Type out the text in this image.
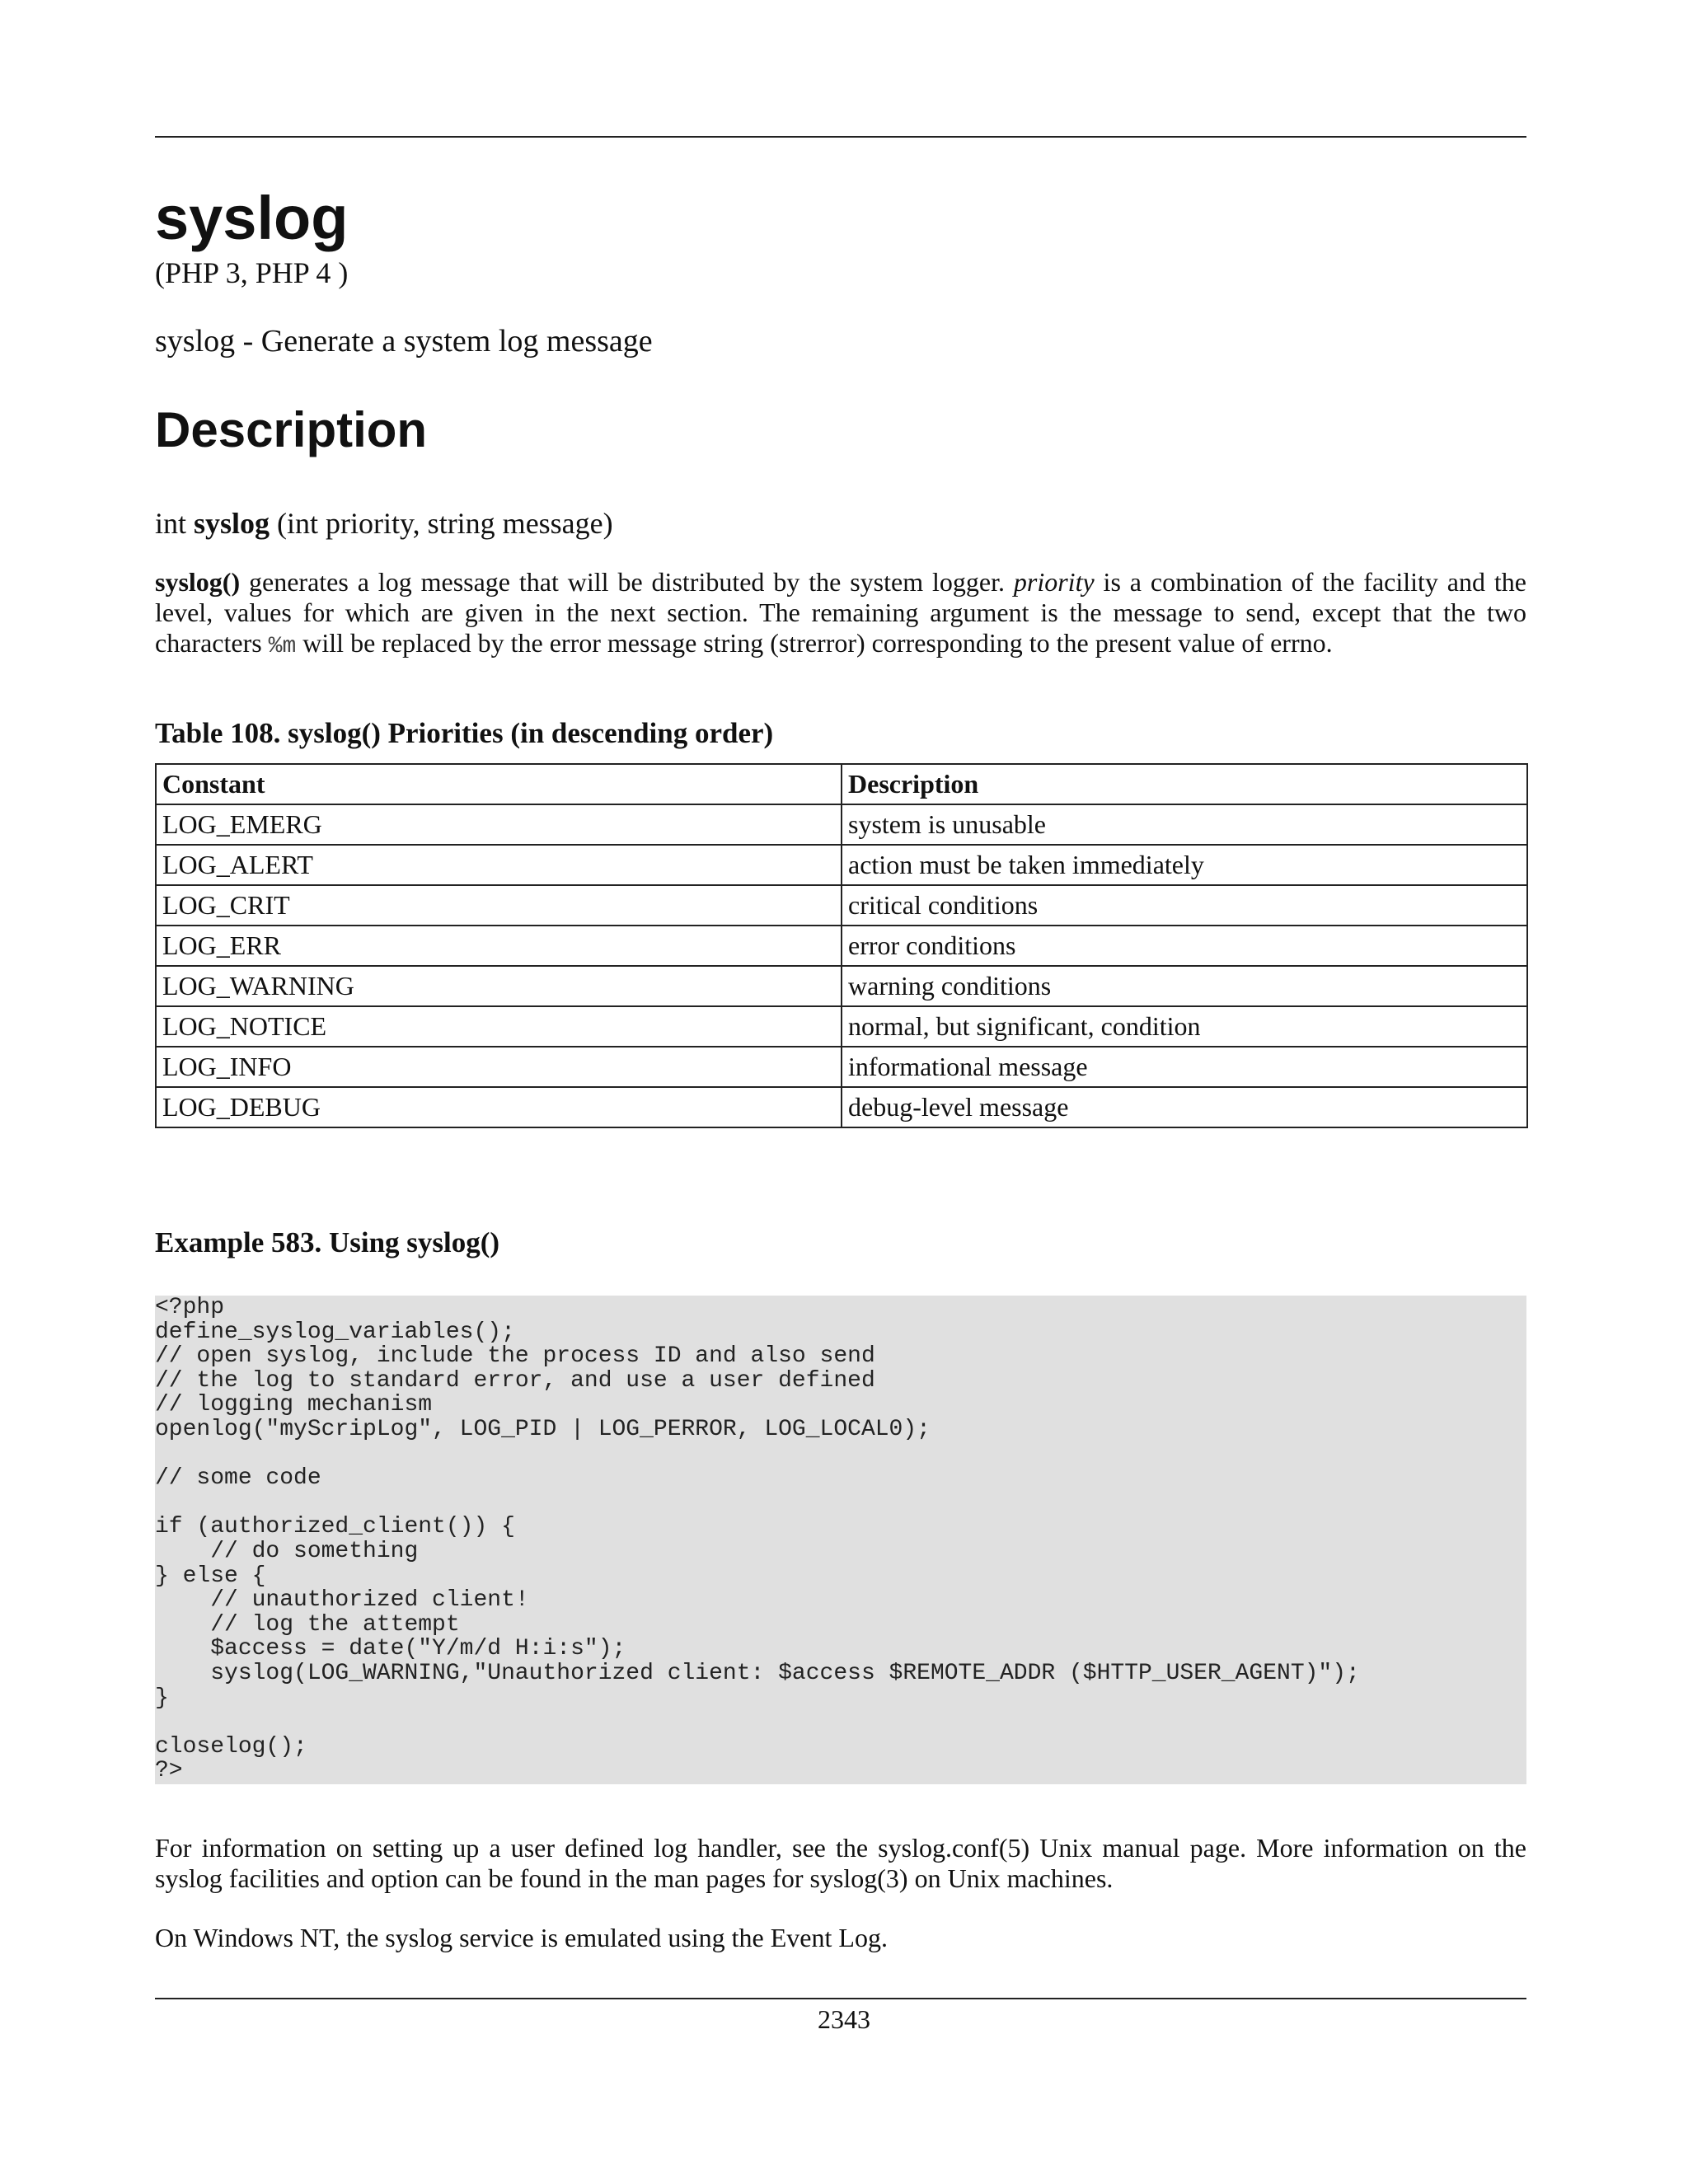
syslog
(PHP 3, PHP 4 )
syslog - Generate a system log message
Description
int syslog (int priority, string message)
syslog() generates a log message that will be distributed by the system logger. priority is a combination of the facility and the level, values for which are given in the next section. The remaining argument is the message to send, except that the two characters %m will be replaced by the error message string (strerror) corresponding to the present value of errno.
Table 108. syslog() Priorities (in descending order)
Constant	Description
LOG_EMERG	system is unusable
LOG_ALERT	action must be taken immediately
LOG_CRIT	critical conditions
LOG_ERR	error conditions
LOG_WARNING	warning conditions
LOG_NOTICE	normal, but significant, condition
LOG_INFO	informational message
LOG_DEBUG	debug-level message
Example 583. Using syslog()
<?php
define_syslog_variables();
// open syslog, include the process ID and also send
// the log to standard error, and use a user defined
// logging mechanism
openlog("myScripLog", LOG_PID | LOG_PERROR, LOG_LOCAL0);

// some code

if (authorized_client()) {
// do something
} else {
// unauthorized client!
// log the attempt
$access = date("Y/m/d H:i:s");
syslog(LOG_WARNING,"Unauthorized client: $access $REMOTE_ADDR ($HTTP_USER_AGENT)");
}

closelog();
?>
For information on setting up a user defined log handler, see the syslog.conf(5) Unix manual page. More information on the syslog facilities and option can be found in the man pages for syslog(3) on Unix machines.
On Windows NT, the syslog service is emulated using the Event Log.
2343
